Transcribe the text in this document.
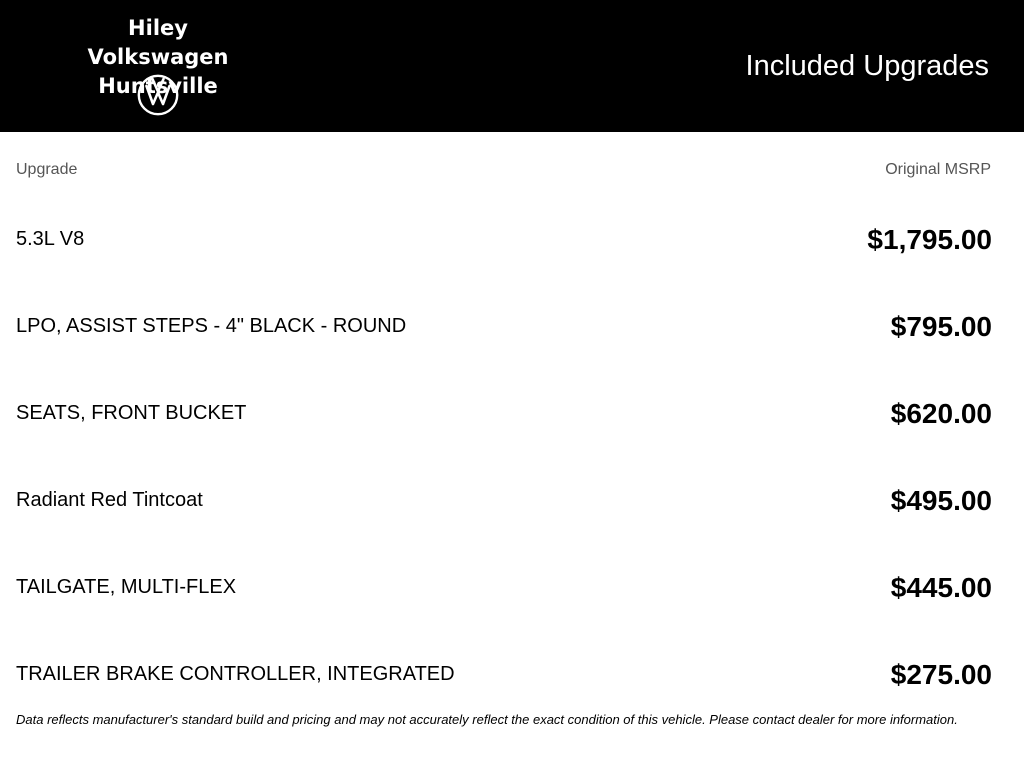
Hiley Volkswagen
Huntsville
Included Upgrades
Upgrade	Original MSRP
5.3L V8	$1,795.00
LPO, ASSIST STEPS - 4" BLACK - ROUND	$795.00
SEATS, FRONT BUCKET	$620.00
Radiant Red Tintcoat	$495.00
TAILGATE, MULTI-FLEX	$445.00
TRAILER BRAKE CONTROLLER, INTEGRATED	$275.00
Data reflects manufacturer's standard build and pricing and may not accurately reflect the exact condition of this vehicle. Please contact dealer for more information.
